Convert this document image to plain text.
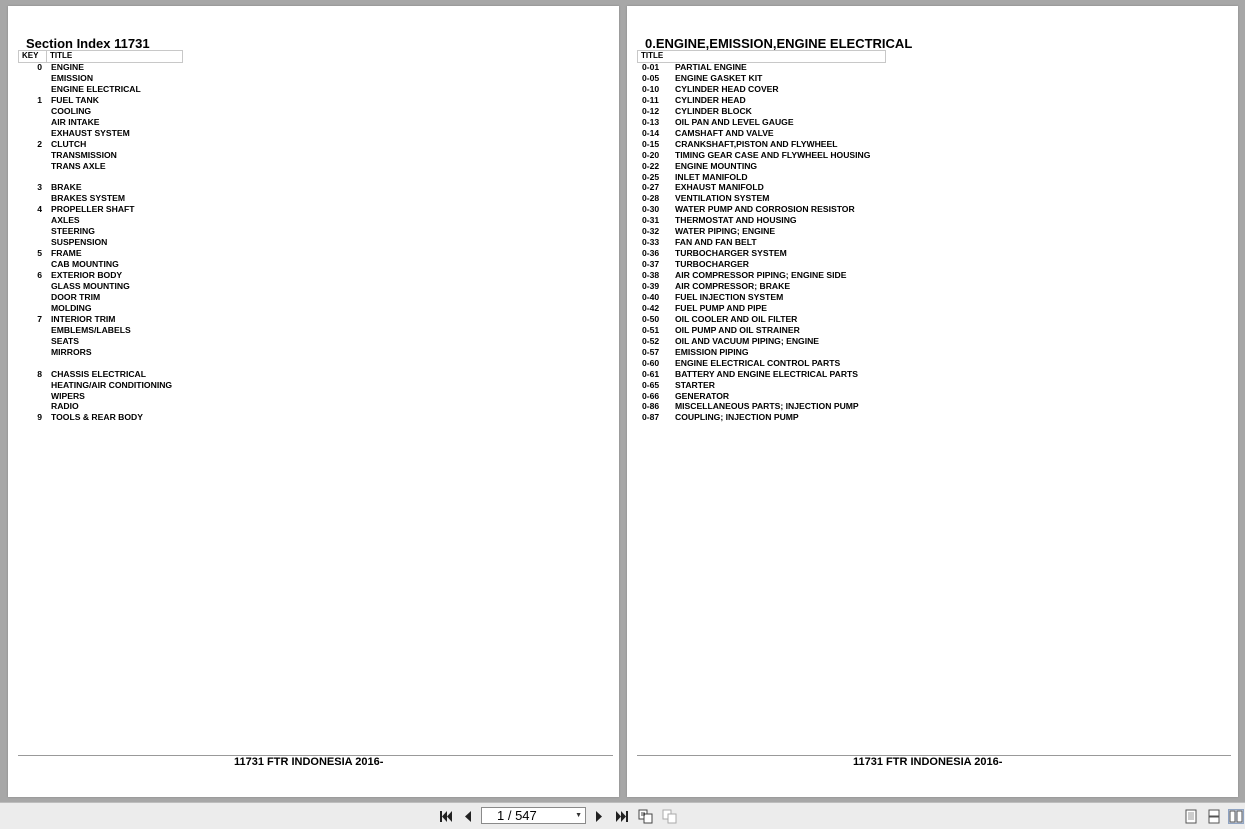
Section Index 11731
KEY	TITLE
0 ENGINE
EMISSION
ENGINE ELECTRICAL
1 FUEL TANK
COOLING
AIR INTAKE
EXHAUST SYSTEM
2 CLUTCH
TRANSMISSION
TRANS AXLE
3 BRAKE
BRAKES SYSTEM
4 PROPELLER SHAFT
AXLES
STEERING
SUSPENSION
5 FRAME
CAB MOUNTING
6 EXTERIOR BODY
GLASS MOUNTING
DOOR TRIM
MOLDING
7 INTERIOR TRIM
EMBLEMS/LABELS
SEATS
MIRRORS
8 CHASSIS ELECTRICAL
HEATING/AIR CONDITIONING
WIPERS
RADIO
9 TOOLS & REAR BODY
11731 FTR INDONESIA 2016-
0.ENGINE,EMISSION,ENGINE ELECTRICAL
TITLE
0-01	PARTIAL ENGINE
0-05	ENGINE GASKET KIT
0-10	CYLINDER HEAD COVER
0-11	CYLINDER HEAD
0-12	CYLINDER BLOCK
0-13	OIL PAN AND LEVEL GAUGE
0-14	CAMSHAFT AND VALVE
0-15	CRANKSHAFT,PISTON AND FLYWHEEL
0-20	TIMING GEAR CASE AND FLYWHEEL HOUSING
0-22	ENGINE MOUNTING
0-25	INLET MANIFOLD
0-27	EXHAUST MANIFOLD
0-28	VENTILATION SYSTEM
0-30	WATER PUMP AND CORROSION RESISTOR
0-31	THERMOSTAT AND HOUSING
0-32	WATER PIPING; ENGINE
0-33	FAN AND FAN BELT
0-36	TURBOCHARGER SYSTEM
0-37	TURBOCHARGER
0-38	AIR COMPRESSOR PIPING; ENGINE SIDE
0-39	AIR COMPRESSOR; BRAKE
0-40	FUEL INJECTION SYSTEM
0-42	FUEL PUMP AND PIPE
0-50	OIL COOLER AND OIL FILTER
0-51	OIL PUMP AND OIL STRAINER
0-52	OIL AND VACUUM PIPING; ENGINE
0-57	EMISSION PIPING
0-60	ENGINE ELECTRICAL CONTROL PARTS
0-61	BATTERY AND ENGINE ELECTRICAL PARTS
0-65	STARTER
0-66	GENERATOR
0-86	MISCELLANEOUS PARTS; INJECTION PUMP
0-87	COUPLING; INJECTION PUMP
11731 FTR INDONESIA 2016-
1 / 547	▼
